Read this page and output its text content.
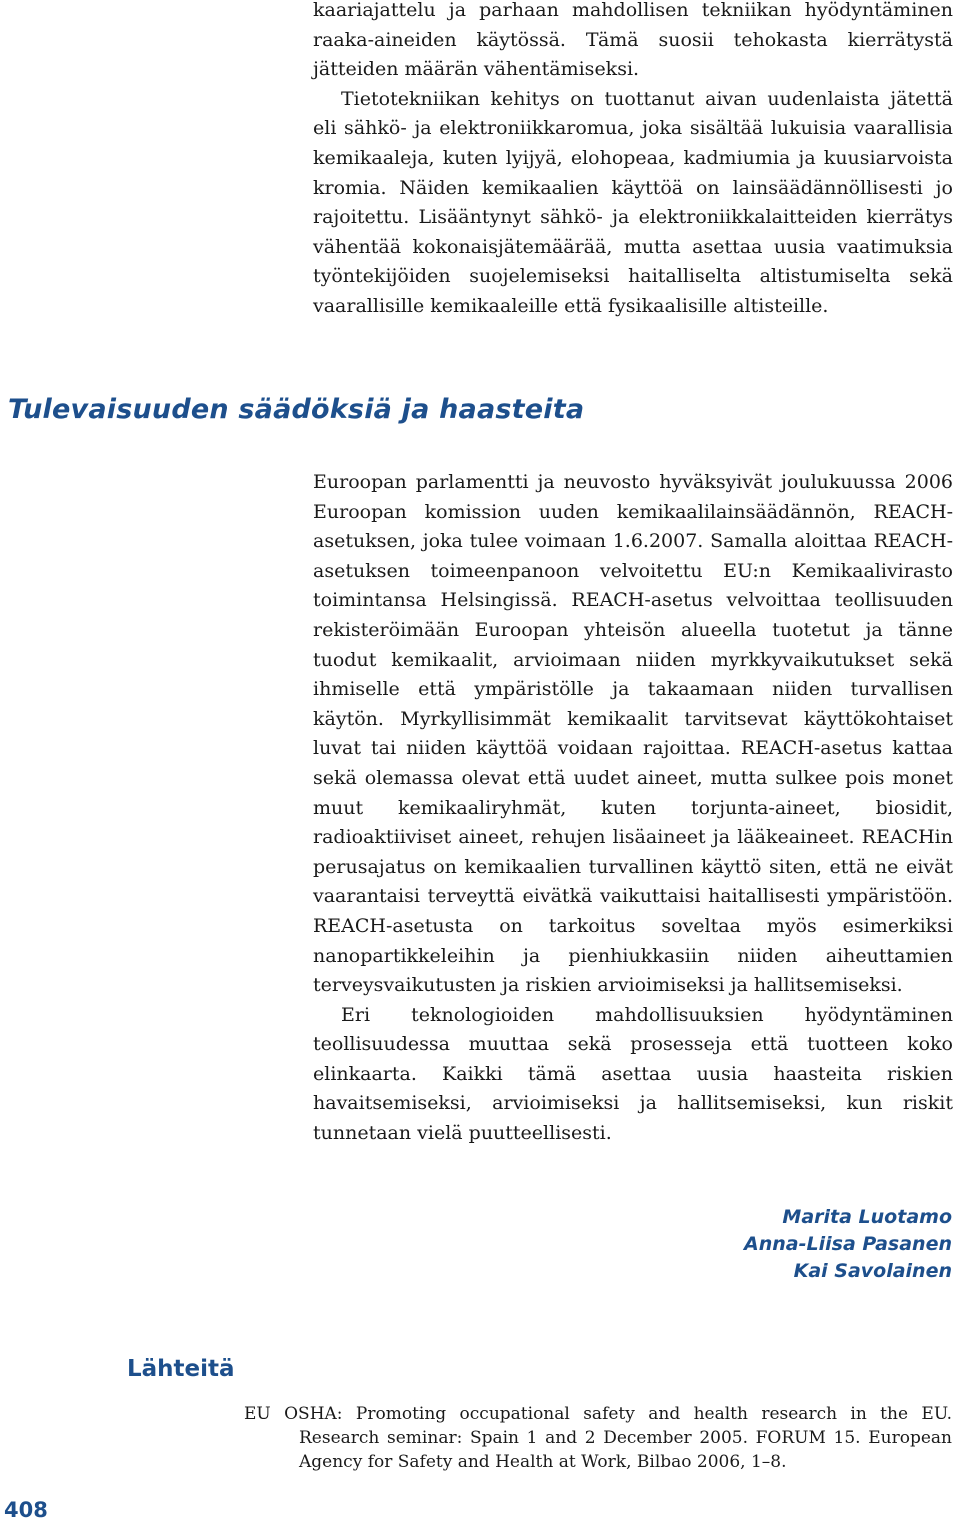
kaariajattelu ja parhaan mahdollisen tekniikan hyödyntäminen raaka-aineiden käytössä. Tämä suosii tehokasta kierrätystä jätteiden määrän vähentämiseksi.

Tietotekniikan kehitys on tuottanut aivan uudenlaista jätettä eli sähkö- ja elektroniikkaromua, joka sisältää lukuisia vaarallisia kemikaaleja, kuten lyijyä, elohopeaa, kadmiumia ja kuusiarvoista kromia. Näiden kemikaalien käyttöä on lainsäädännöllisesti jo rajoitettu. Lisääntynyt sähkö- ja elektroniikkalaitteiden kierrätys vähentää kokonaisjätemäärää, mutta asettaa uusia vaatimuksia työntekijöiden suojelemiseksi haitalliselta altistumiselta sekä vaarallisille kemikaaleille että fysikaalisille altisteille.

Tulevaisuuden säädöksiä ja haasteita

Euroopan parlamentti ja neuvosto hyväksyivät joulukuussa 2006 Euroopan komission uuden kemikaalilainsäädännön, REACH-asetuksen, joka tulee voimaan 1.6.2007. Samalla aloittaa REACH-asetuksen toimeenpanoon velvoitettu EU:n Kemikaalivirasto toimintansa Helsingissä. REACH-asetus velvoittaa teollisuuden rekisteröimään Euroopan yhteisön alueella tuotetut ja tänne tuodut kemikaalit, arvioimaan niiden myrkkyvaikutukset sekä ihmiselle että ympäristölle ja takaamaan niiden turvallisen käytön. Myrkyllisimmät kemikaalit tarvitsevat käyttökohtaiset luvat tai niiden käyttöä voidaan rajoittaa. REACH-asetus kattaa sekä olemassa olevat että uudet aineet, mutta sulkee pois monet muut kemikaaliryhmät, kuten torjunta-aineet, biosidit, radioaktiiviset aineet, rehujen lisäaineet ja lääkeaineet. REACHin perusajatus on kemikaalien turvallinen käyttö siten, että ne eivät vaarantaisi terveyttä eivätkä vaikuttaisi haitallisesti ympäristöön. REACH-asetusta on tarkoitus soveltaa myös esimerkiksi nanopartikkeleihin ja pienhiukkasiin niiden aiheuttamien terveysvaikutusten ja riskien arvioimiseksi ja hallitsemiseksi.

Eri teknologioiden mahdollisuuksien hyödyntäminen teollisuudessa muuttaa sekä prosesseja että tuotteen koko elinkaarta. Kaikki tämä asettaa uusia haasteita riskien havaitsemiseksi, arvioimiseksi ja hallitsemiseksi, kun riskit tunnetaan vielä puutteellisesti.

Marita Luotamo
Anna-Liisa Pasanen
Kai Savolainen
Lähteitä

EU OSHA: Promoting occupational safety and health research in the EU. Research seminar: Spain 1 and 2 December 2005. FORUM 15. European Agency for Safety and Health at Work, Bilbao 2006, 1–8.

408
